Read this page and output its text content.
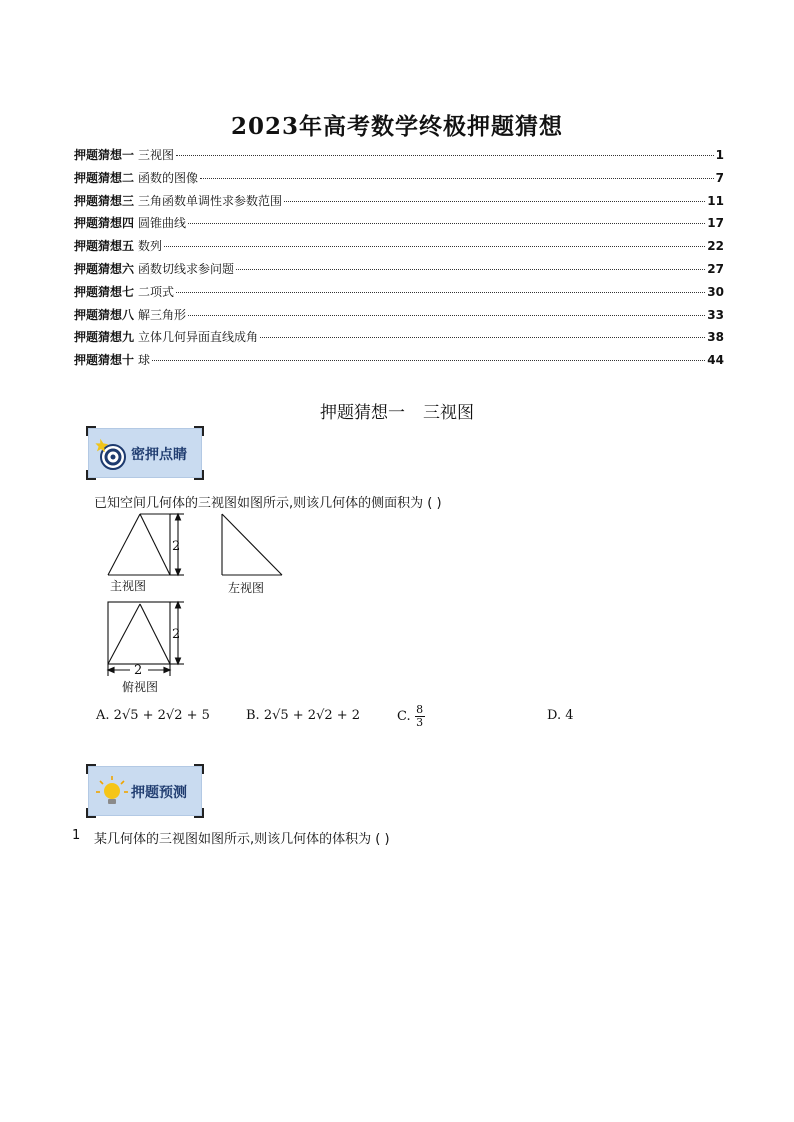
2023年高考数学终极押题猜想
押题猜想一 三视图	1
押题猜想二 函数的图像	7
押题猜想三 三角函数单调性求参数范围	11
押题猜想四 圆锥曲线	17
押题猜想五 数列	22
押题猜想六 函数切线求参问题	27
押题猜想七 二项式	30
押题猜想八 解三角形	33
押题猜想九 立体几何异面直线成角	38
押题猜想十 球	44
押题猜想一 三视图
密押点睛
已知空间几何体的三视图如图所示,则该几何体的侧面积为 ( )
2
2
2
主视图	左视图
俯视图
A.
2√5 + 2√2 + 5	B.
2√5 + 2√2 + 2	C. $\frac{8}{3}$	D.
4
押题预测
1 某几何体的三视图如图所示,则该几何体的体积为 ( )
